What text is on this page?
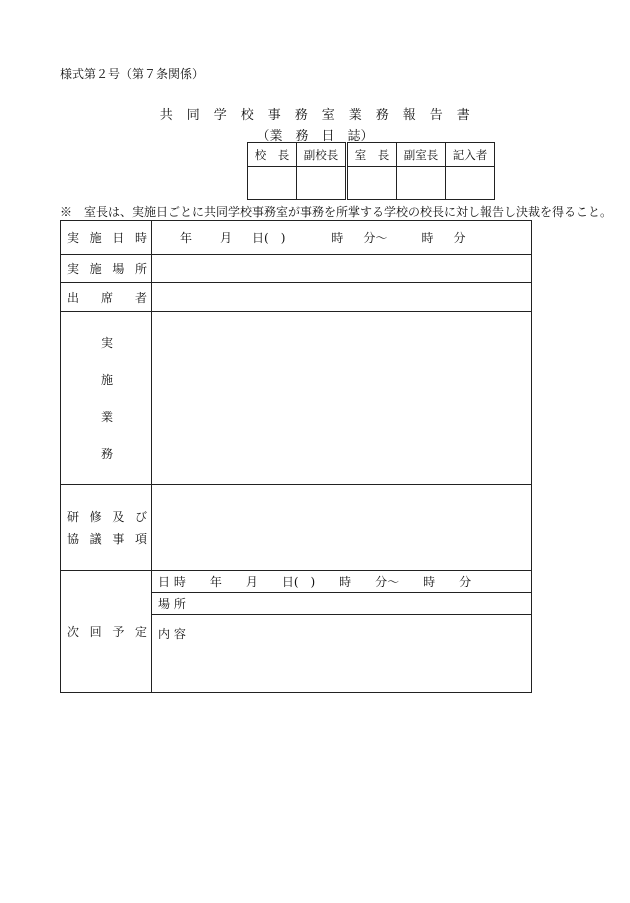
様式第２号（第７条関係）
共　同　学　校　事　務　室　業　務　報　告　書
（業　務　日　誌）
校　長	副校長	室　長	副室長	記入者

※　室長は、実施日ごとに共同学校事務室が事務を所掌する学校の校長に対し報告し決裁を得ること。
実 施 日 時	年 月 日(　)	時 分〜	時 分

実 施 場 所

出 席 者

実
施
業
務

研 修 及 び
協 議 事 項

次 回 予 定

日 時　　年　　月　　日(　)　　時　　分〜　　時　　分
場 所
内 容
